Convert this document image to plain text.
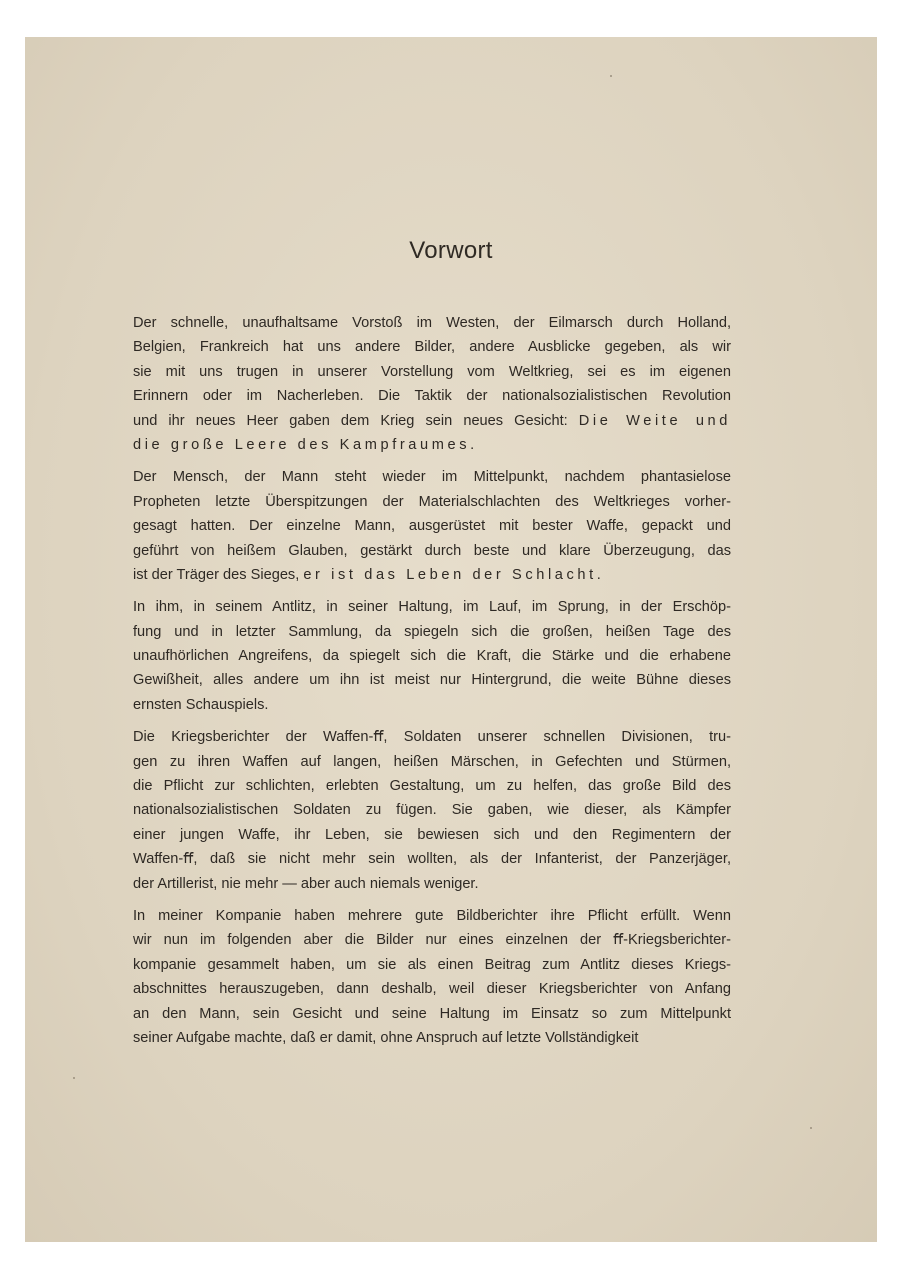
Vorwort
Der schnelle, unaufhaltsame Vorstoß im Westen, der Eilmarsch durch Holland,
Belgien, Frankreich hat uns andere Bilder, andere Ausblicke gegeben, als wir
sie mit uns trugen in unserer Vorstellung vom Weltkrieg, sei es im eigenen
Erinnern oder im Nacherleben. Die Taktik der nationalsozialistischen Revolution
und ihr neues Heer gaben dem Krieg sein neues Gesicht: Die Weite und
die große Leere des Kampfraumes.
Der Mensch, der Mann steht wieder im Mittelpunkt, nachdem phantasielose
Propheten letzte Überspitzungen der Materialschlachten des Weltkrieges vorher-
gesagt hatten. Der einzelne Mann, ausgerüstet mit bester Waffe, gepackt und
geführt von heißem Glauben, gestärkt durch beste und klare Überzeugung, das
ist der Träger des Sieges, er ist das Leben der Schlacht.
In ihm, in seinem Antlitz, in seiner Haltung, im Lauf, im Sprung, in der Erschöp-
fung und in letzter Sammlung, da spiegeln sich die großen, heißen Tage des
unaufhörlichen Angreifens, da spiegelt sich die Kraft, die Stärke und die erhabene
Gewißheit, alles andere um ihn ist meist nur Hintergrund, die weite Bühne dieses
ernsten Schauspiels.
Die Kriegsberichter der Waffen-ﬀ, Soldaten unserer schnellen Divisionen, tru-
gen zu ihren Waffen auf langen, heißen Märschen, in Gefechten und Stürmen,
die Pflicht zur schlichten, erlebten Gestaltung, um zu helfen, das große Bild des
nationalsozialistischen Soldaten zu fügen. Sie gaben, wie dieser, als Kämpfer
einer jungen Waffe, ihr Leben, sie bewiesen sich und den Regimentern der
Waffen-ﬀ, daß sie nicht mehr sein wollten, als der Infanterist, der Panzerjäger,
der Artillerist, nie mehr — aber auch niemals weniger.
In meiner Kompanie haben mehrere gute Bildberichter ihre Pflicht erfüllt. Wenn
wir nun im folgenden aber die Bilder nur eines einzelnen der ﬀ-Kriegsberichter-
kompanie gesammelt haben, um sie als einen Beitrag zum Antlitz dieses Kriegs-
abschnittes herauszugeben, dann deshalb, weil dieser Kriegsberichter von Anfang
an den Mann, sein Gesicht und seine Haltung im Einsatz so zum Mittelpunkt
seiner Aufgabe machte, daß er damit, ohne Anspruch auf letzte Vollständigkeit
